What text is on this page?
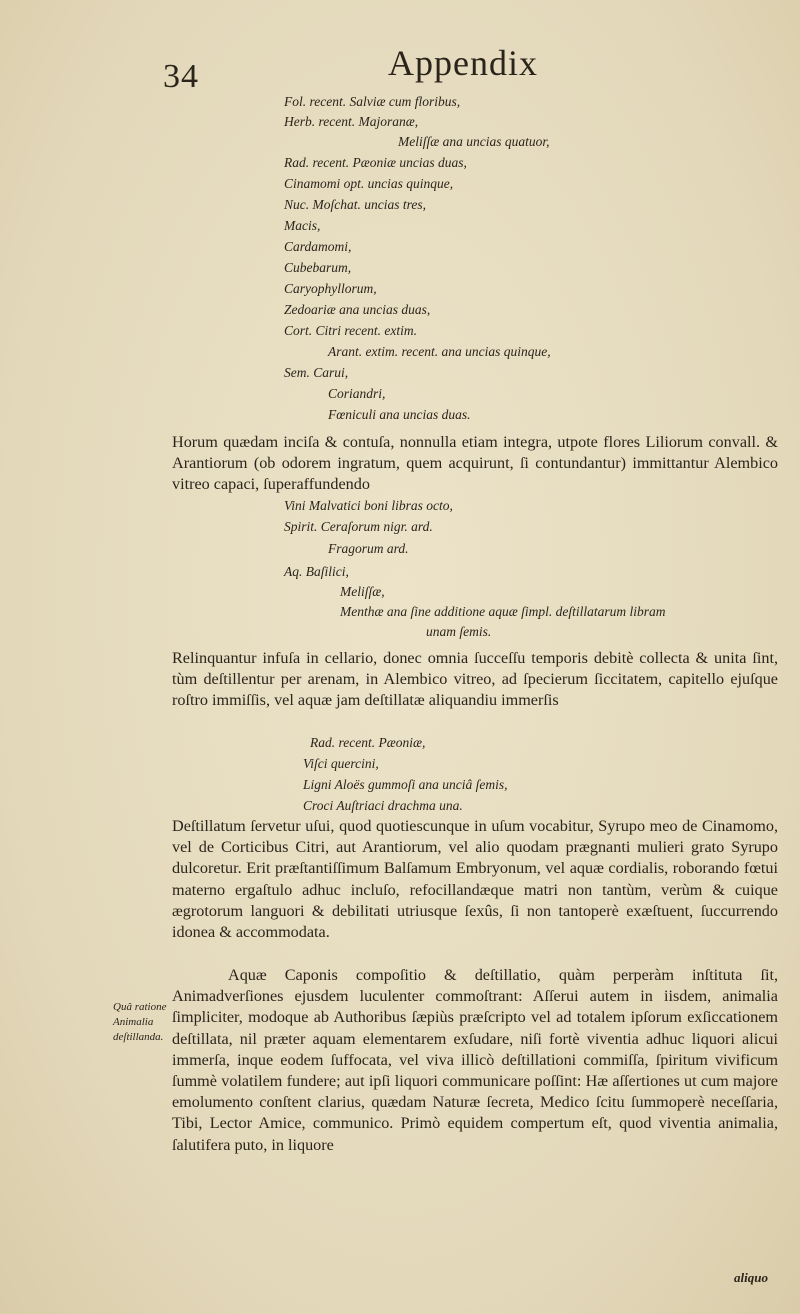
34	Appendix
Fol. recent. Salviæ cum floribus,
Herb. recent. Majoranæ,
Meliſſæ ana uncias quatuor,
Rad. recent. Pæoniæ uncias duas,
Cinamomi opt. uncias quinque,
Nuc. Moſchat. uncias tres,
Macis,
Cardamomi,
Cubebarum,
Caryophyllorum,
Zedoariæ ana uncias duas,
Cort. Citri recent. extim.
Arant. extim. recent. ana uncias quinque,
Sem. Carui,
Coriandri,
Fœniculi ana uncias duas.

Horum quædam inciſa & contuſa, nonnulla etiam integra, utpote flores Liliorum convall. & Arantiorum (ob odorem ingratum, quem acquirunt, ſi contundantur) immittantur Alembico vitreo capaci, ſuperaffundendo

Vini Malvatici boni libras octo,
Spirit. Ceraſorum nigr. ard.
Fragorum ard.
Aq. Baſilici,
Meliſſæ,
Menthæ ana ſine additione aquæ ſimpl. deſtillatarum libram
unam ſemis.

Relinquantur infuſa in cellario, donec omnia ſucceſſu temporis debitè collecta & unita ſint, tùm deſtillentur per arenam, in Alembico vitreo, ad ſpecierum ſiccitatem, capitello ejuſque roſtro immiſſis, vel aquæ jam deſtillatæ aliquandiu immerſis

Rad. recent. Pæoniæ,
Viſci quercini,
Ligni Aloës gummoſi ana unciâ ſemis,
Croci Auſtriaci drachma una.

Deſtillatum ſervetur uſui, quod quotiescunque in uſum vocabitur, Syrupo meo de Cinamomo, vel de Corticibus Citri, aut Arantiorum, vel alio quodam prægnanti mulieri grato Syrupo dulcoretur. Erit præſtantiſſimum Balſamum Embryonum, vel aquæ cordialis, roborando fœtui materno ergaſtulo adhuc incluſo, refocillandæque matri non tantùm, verùm & cuique ægrotorum languori & debilitati utriusque ſexûs, ſi non tantoperè exæſtuent, ſuccurrendo idonea & accommodata.

Aquæ Caponis compoſitio & deſtillatio, quàm perperàm inſtituta ſit, Animadverſiones ejusdem luculenter commoſtrant: Aſſerui autem in iisdem, animalia ſimpliciter, modoque ab Authoribus ſæpiùs præſcripto vel ad totalem ipſorum exſiccationem deſtillata, nil præter aquam elementarem exſudare, niſi fortè viventia adhuc liquori alicui immerſa, inque eodem ſuffocata, vel viva illicò deſtillationi commiſſa, ſpiritum vivificum ſummè volatilem fundere; aut ipſi liquori communicare poſſint: Hæ aſſertiones ut cum majore emolumento conſtent clarius, quædam Naturæ ſecreta, Medico ſcitu ſummoperè neceſſaria, Tibi, Lector Amice, communico. Primò equidem compertum eſt, quod viventia animalia, ſalutifera puto, in liquore

Quâ ratione Animalia deſtillanda.
aliquo
